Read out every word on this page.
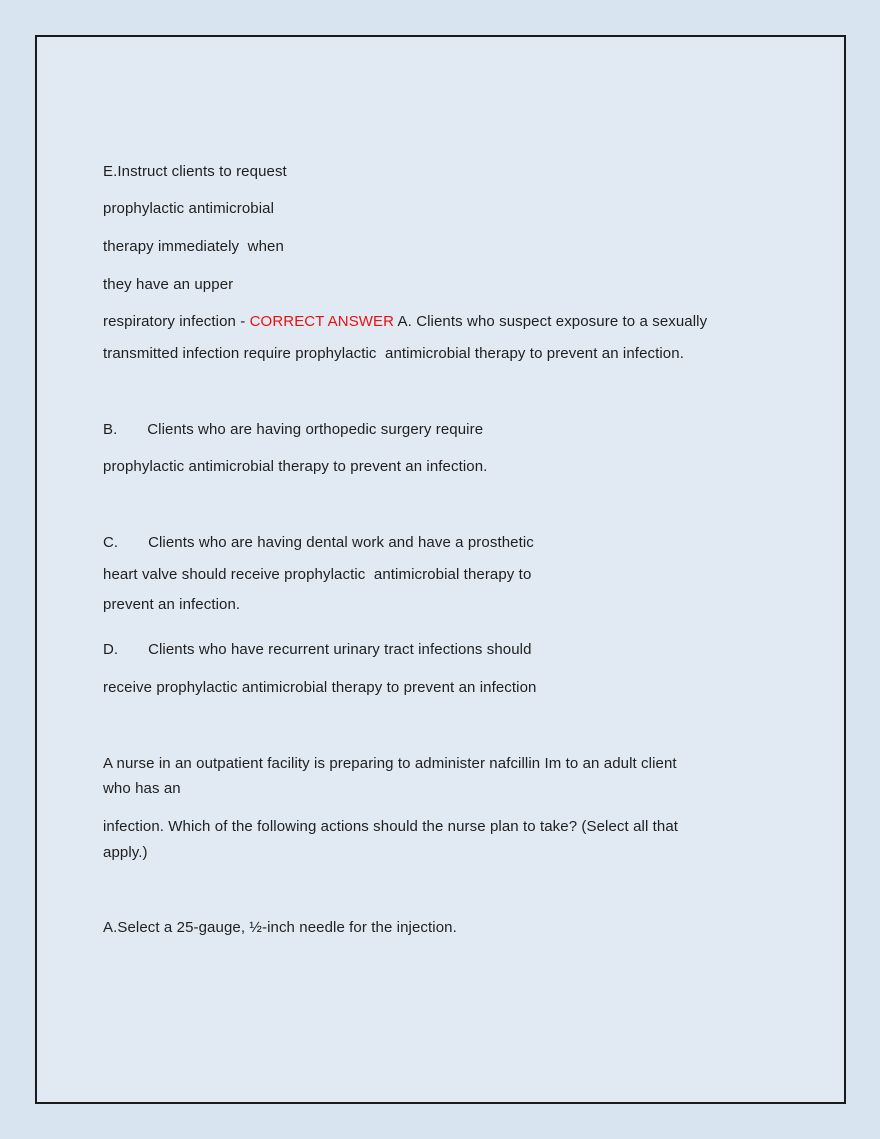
E.Instruct clients to request
prophylactic antimicrobial
therapy immediately  when
they have an upper
respiratory infection - CORRECT ANSWER A. Clients who suspect exposure to a sexually
transmitted infection require prophylactic  antimicrobial therapy to prevent an infection.
B.       Clients who are having orthopedic surgery require
prophylactic antimicrobial therapy to prevent an infection.
C.       Clients who are having dental work and have a prosthetic
heart valve should receive prophylactic  antimicrobial therapy to
prevent an infection.
D.       Clients who have recurrent urinary tract infections should
receive prophylactic antimicrobial therapy to prevent an infection
A nurse in an outpatient facility is preparing to administer nafcillin Im to an adult client
who has an
infection. Which of the following actions should the nurse plan to take? (Select all that
apply.)
A.Select a 25-gauge, ½-inch needle for the injection.
